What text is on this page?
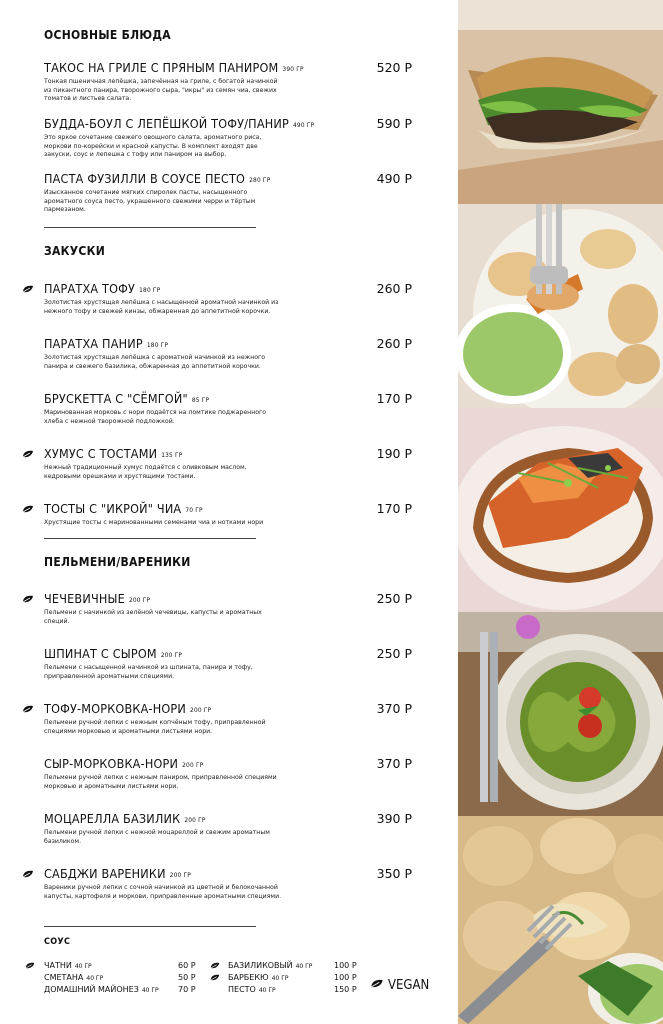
ОСНОВНЫЕ БЛЮДА
ТАКОС НА ГРИЛЕ С ПРЯНЫМ ПАНИРОМ 390 ГР
Тонкая пшеничная лепёшка, запечённая на гриле, с богатой начинкой из пикантного панира, творожного сыра, "икры" из семян чиа, свежих томатов и листьев салата.
520 Р
БУДДА-БОУЛ С ЛЕПЁШКОЙ ТОФУ/ПАНИР 490 ГР
Это яркое сочетание свежего овощного салата, ароматного риса, моркови по-корейски и красной капусты. В комплект входят две закуски, соус и лепешка с тофу или паниром на выбор.
590 Р
ПАСТА ФУЗИЛЛИ В СОУСЕ ПЕСТО 280 ГР
Изысканное сочетание мягких спиролек пасты, насыщенного ароматного соуса песто, украшенного свежими черри и тёртым пармезаном.
490 Р
ЗАКУСКИ
ПАРАТХА ТОФУ 180 ГР
Золотистая хрустящая лепёшка с насыщенной ароматной начинкой из нежного тофу и свежей кинзы, обжаренная до аппетитной корочки.
260 Р
ПАРАТХА ПАНИР 180 ГР
Золотистая хрустящая лепёшка с ароматной начинкой из нежного панира и свежего базилика, обжаренная до аппетитной корочки.
260 Р
БРУСКЕТТА С "СЁМГОЙ" 85 ГР
Маринованная морковь с нори подаётся на ломтике поджаренного хлеба с нежной творожной подложкой.
170 Р
ХУМУС С ТОСТАМИ 135 ГР
Нежный традиционный хумус подаётся с оливковым маслом, кедровыми орешками и хрустящими тостами.
190 Р
ТОСТЫ С "ИКРОЙ" ЧИА 70 ГР
Хрустящие тосты с маринованными семенами чиа и нотками нори
170 Р
ПЕЛЬМЕНИ/ВАРЕНИКИ
ЧЕЧЕВИЧНЫЕ 200 ГР
Пельмени с начинкой из зелёной чечевицы, капусты и ароматных специй.
250 Р
ШПИНАТ С СЫРОМ 200 ГР
Пельмени с насыщенной начинкой из шпината, панира и тофу, приправленной ароматными специями.
250 Р
ТОФУ-МОРКОВКА-НОРИ 200 ГР
Пельмени ручной лепки с нежным копчёным тофу, приправленной специями морковью и ароматными листьями нори.
370 Р
СЫР-МОРКОВКА-НОРИ 200 ГР
Пельмени ручной лепки с нежным паниром, приправленной специями морковью и ароматными листьями нори.
370 Р
МОЦАРЕЛЛА БАЗИЛИК 200 ГР
Пельмени ручной лепки с нежной моцареллой и свежим ароматным базиликом.
390 Р
САБДЖИ ВАРЕНИКИ 200 ГР
Вареники ручной лепки с сочной начинкой из цветной и белокочанной капусты, картофеля и моркови, приправленные ароматными специями.
350 Р
СОУС
ЧАТНИ 40 ГР	60 Р
СМЕТАНА 40 ГР	50 Р
ДОМАШНИЙ МАЙОНЕЗ 40 ГР 70 Р
БАЗИЛИКОВЫЙ 40 ГР	100 Р
БАРБЕКЮ 40 ГР	100 Р
ПЕСТО 40 ГР	150 Р	VEGAN
